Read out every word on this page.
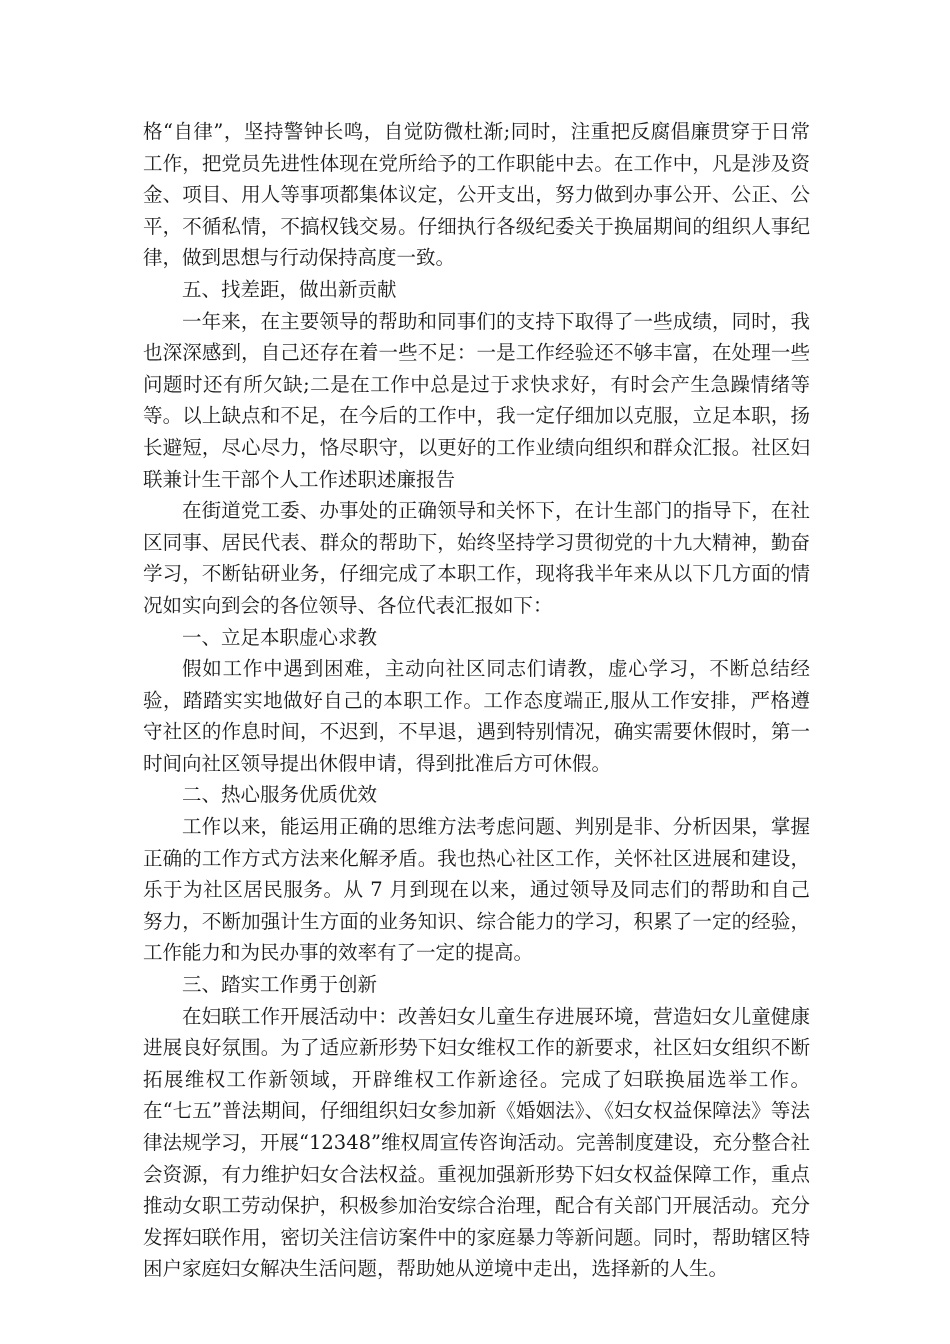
格“自律”，坚持警钟长鸣，自觉防微杜渐;同时，注重把反腐倡廉贯穿于日常工作，把党员先进性体现在党所给予的工作职能中去。在工作中，凡是涉及资金、项目、用人等事项都集体议定，公开支出，努力做到办事公开、公正、公平，不循私情，不搞权钱交易。仔细执行各级纪委关于换届期间的组织人事纪律，做到思想与行动保持高度一致。

五、找差距，做出新贡献

一年来，在主要领导的帮助和同事们的支持下取得了一些成绩，同时，我也深深感到，自己还存在着一些不足：一是工作经验还不够丰富，在处理一些问题时还有所欠缺;二是在工作中总是过于求快求好，有时会产生急躁情绪等等。以上缺点和不足，在今后的工作中，我一定仔细加以克服，立足本职，扬长避短，尽心尽力，恪尽职守，以更好的工作业绩向组织和群众汇报。社区妇联兼计生干部个人工作述职述廉报告

在街道党工委、办事处的正确领导和关怀下，在计生部门的指导下，在社区同事、居民代表、群众的帮助下，始终坚持学习贯彻党的十九大精神，勤奋学习，不断钻研业务，仔细完成了本职工作，现将我半年来从以下几方面的情况如实向到会的各位领导、各位代表汇报如下：

一、立足本职虚心求教

假如工作中遇到困难，主动向社区同志们请教，虚心学习，不断总结经验，踏踏实实地做好自己的本职工作。工作态度端正,服从工作安排，严格遵守社区的作息时间，不迟到，不早退，遇到特别情况，确实需要休假时，第一时间向社区领导提出休假申请，得到批准后方可休假。

二、热心服务优质优效

工作以来，能运用正确的思维方法考虑问题、判别是非、分析因果，掌握正确的工作方式方法来化解矛盾。我也热心社区工作，关怀社区进展和建设，乐于为社区居民服务。从 7 月到现在以来，通过领导及同志们的帮助和自己努力，不断加强计生方面的业务知识、综合能力的学习，积累了一定的经验，工作能力和为民办事的效率有了一定的提高。

三、踏实工作勇于创新

在妇联工作开展活动中：改善妇女儿童生存进展环境，营造妇女儿童健康进展良好氛围。为了适应新形势下妇女维权工作的新要求，社区妇女组织不断拓展维权工作新领域，开辟维权工作新途径。完成了妇联换届选举工作。在“七五”普法期间，仔细组织妇女参加新《婚姻法》、《妇女权益保障法》等法律法规学习，开展“12348”维权周宣传咨询活动。完善制度建设，充分整合社会资源，有力维护妇女合法权益。重视加强新形势下妇女权益保障工作，重点推动女职工劳动保护，积极参加治安综合治理，配合有关部门开展活动。充分发挥妇联作用，密切关注信访案件中的家庭暴力等新问题。同时，帮助辖区特困户家庭妇女解决生活问题，帮助她从逆境中走出，选择新的人生。
